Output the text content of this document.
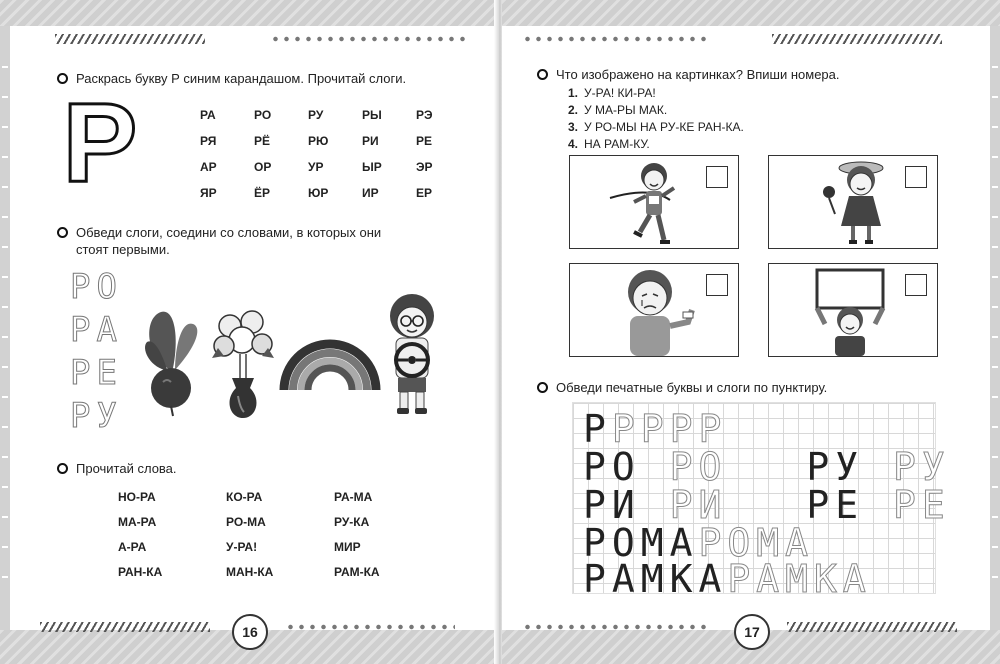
Раскрась букву Р синим карандашом. Прочитай слоги.
Р	РА	РО	РУ	РЫ	РЭ
РЯ	РЁ	РЮ	РИ	РЕ
АР	ОР	УР	ЫР	ЭР
ЯР	ЁР	ЮР	ИР	ЕР
Обведи слоги, соедини со словами, в которых они
стоят первыми.
РО
РА
РЕ
РУ
Прочитай слова.
НО-РА	КО-РА	РА-МА
МА-РА	РО-МА	РУ-КА
А-РА	У-РА!	МИР
РАН-КА	МАН-КА	РАМ-КА
16
Что изображено на картинках? Впиши номера.
1. У-РА! КИ-РА!
2. У МА-РЫ МАК.
3. У РО-МЫ НА РУ-КЕ РАН-КА.
4. НА РАМ-КУ.
Обведи печатные буквы и слоги по пунктиру.
РРРРР
РО РО РУ РУ
РИ РИ РЕ РЕ
РОМАРОМА
РАМКАРАМКА
17
